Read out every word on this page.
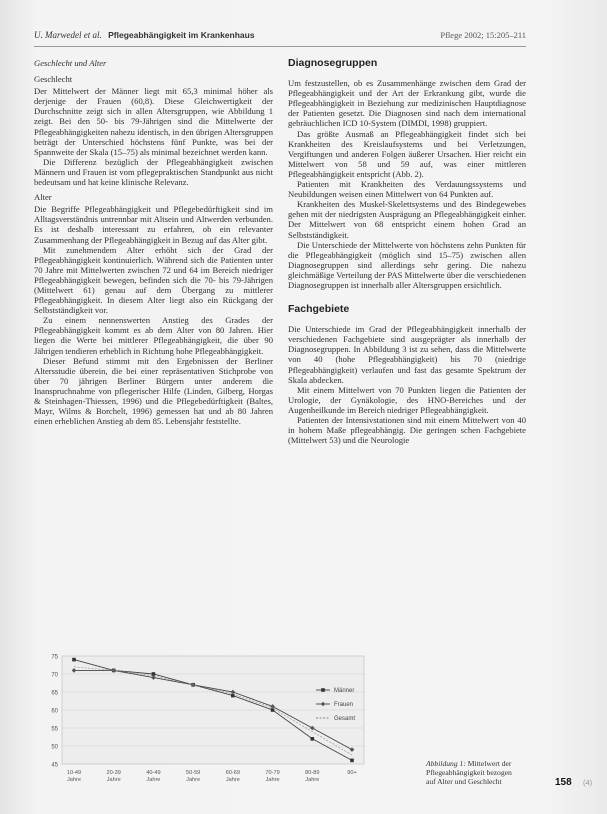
U. Marwedel et al. Pflegeabhängigkeit im Krankenhaus	Pflege 2002; 15:205–211
Geschlecht und Alter
Geschlecht

Der Mittelwert der Männer liegt mit 65,3 minimal höher als derjenige der Frauen (60,8). Diese Gleichwertigkeit der Durchschnitte zeigt sich in allen Altersgruppen, wie Abbildung 1 zeigt. Bei den 50- bis 79-Jährigen sind die Mittelwerte der Pflegeabhängigkeiten nahezu identisch, in den übrigen Altersgruppen beträgt der Unterschied höchstens fünf Punkte, was bei der Spannweite der Skala (15–75) als minimal bezeichnet werden kann.

Die Differenz bezüglich der Pflegeabhängigkeit zwischen Männern und Frauen ist vom pflegepraktischen Standpunkt aus nicht bedeutsam und hat keine klinische Relevanz.

Alter

Die Begriffe Pflegeabhängigkeit und Pflegebedürftigkeit sind im Alltagsverständnis untrennbar mit Altsein und Altwerden verbunden. Es ist deshalb interessant zu erfahren, ob ein relevanter Zusammenhang der Pflegeabhängigkeit in Bezug auf das Alter gibt.

Mit zunehmendem Alter erhöht sich der Grad der Pflegeabhängigkeit kontinuierlich. Während sich die Patienten unter 70 Jahre mit Mittelwerten zwischen 72 und 64 im Bereich niedriger Pflegeabhängigkeit bewegen, befinden sich die 70- bis 79-Jährigen (Mittelwert 61) genau auf dem Übergang zu mittlerer Pflegeabhängigkeit. In diesem Alter liegt also ein Rückgang der Selbstständigkeit vor.

Zu einem nennenswerten Anstieg des Grades der Pflegeabhängigkeit kommt es ab dem Alter von 80 Jahren. Hier liegen die Werte bei mittlerer Pflegeabhängigkeit, die über 90 Jährigen tendieren erheblich in Richtung hohe Pflegeabhängigkeit.

Dieser Befund stimmt mit den Ergebnissen der Berliner Altersstudie überein, die bei einer repräsentativen Stichprobe von über 70 jährigen Berliner Bürgern unter anderem die Inanspruchnahme von pflegerischer Hilfe (Linden, Gilberg, Horgas & Steinhagen-Thiessen, 1996) und die Pflegebedürftigkeit (Baltes, Mayr, Wilms & Borchelt, 1996) gemessen hat und ab 80 Jahren einen erheblichen Anstieg ab dem 85. Lebensjahr feststellte.

Diagnosegruppen

Um festzustellen, ob es Zusammenhänge zwischen dem Grad der Pflegeabhängigkeit und der Art der Erkrankung gibt, wurde die Pflegeabhängigkeit in Beziehung zur medizinischen Hauptdiagnose der Patienten gesetzt. Die Diagnosen sind nach dem international gebräuchlichen ICD 10-System (DIMDI, 1998) gruppiert.

Das größte Ausmaß an Pflegeabhängigkeit findet sich bei Krankheiten des Kreislaufsystems und bei Verletzungen, Vergiftungen und anderen Folgen äußerer Ursachen. Hier reicht ein Mittelwert von 58 und 59 auf, was einer mittleren Pflegeabhängigkeit entspricht (Abb. 2).

Patienten mit Krankheiten des Verdauungssystems und Neubildungen weisen einen Mittelwert von 64 Punkten auf.

Krankheiten des Muskel-Skelettsystems und des Bindegewebes gehen mit der niedrigsten Ausprägung an Pflegeabhängigkeit einher. Der Mittelwert von 68 entspricht einem hohen Grad an Selbstständigkeit.

Die Unterschiede der Mittelwerte von höchstens zehn Punkten für die Pflegeabhängigkeit (möglich sind 15–75) zwischen allen Diagnosegruppen sind allerdings sehr gering. Die nahezu gleichmäßige Verteilung der PAS Mittelwerte über die verschiedenen Diagnosegruppen ist innerhalb aller Altersgruppen ersichtlich.

Fachgebiete

Die Unterschiede im Grad der Pflegeabhängigkeit innerhalb der verschiedenen Fachgebiete sind ausgeprägter als innerhalb der Diagnosegruppen. In Abbildung 3 ist zu sehen, dass die Mittelwerte von 40 (hohe Pflegeabhängigkeit) bis 70 (niedrige Pflegeabhängigkeit) verlaufen und fast das gesamte Spektrum der Skala abdecken.

Mit einem Mittelwert von 70 Punkten liegen die Patienten der Urologie, der Gynäkologie, des HNO-Bereiches und der Augenheilkunde im Bereich niedriger Pflegeabhängigkeit.

Patienten der Intensivstationen sind mit einem Mittelwert von 40 in hohem Maße pflegeabhängig. Die geringen schen Fachgebiete (Mittelwert 53) und die Neurologie

45
50
55
60
65
70
75
10-49
Jahre
20-39
Jahre
40-49
Jahre
50-59
Jahre
60-69
Jahre
70-79
Jahre
80-89
Jahre
90+
Männer
Frauen
Gesamt
Abbildung 1: Mittelwert der Pflegeabhängigkeit bezogen auf Alter und Geschlecht	158 (4)
